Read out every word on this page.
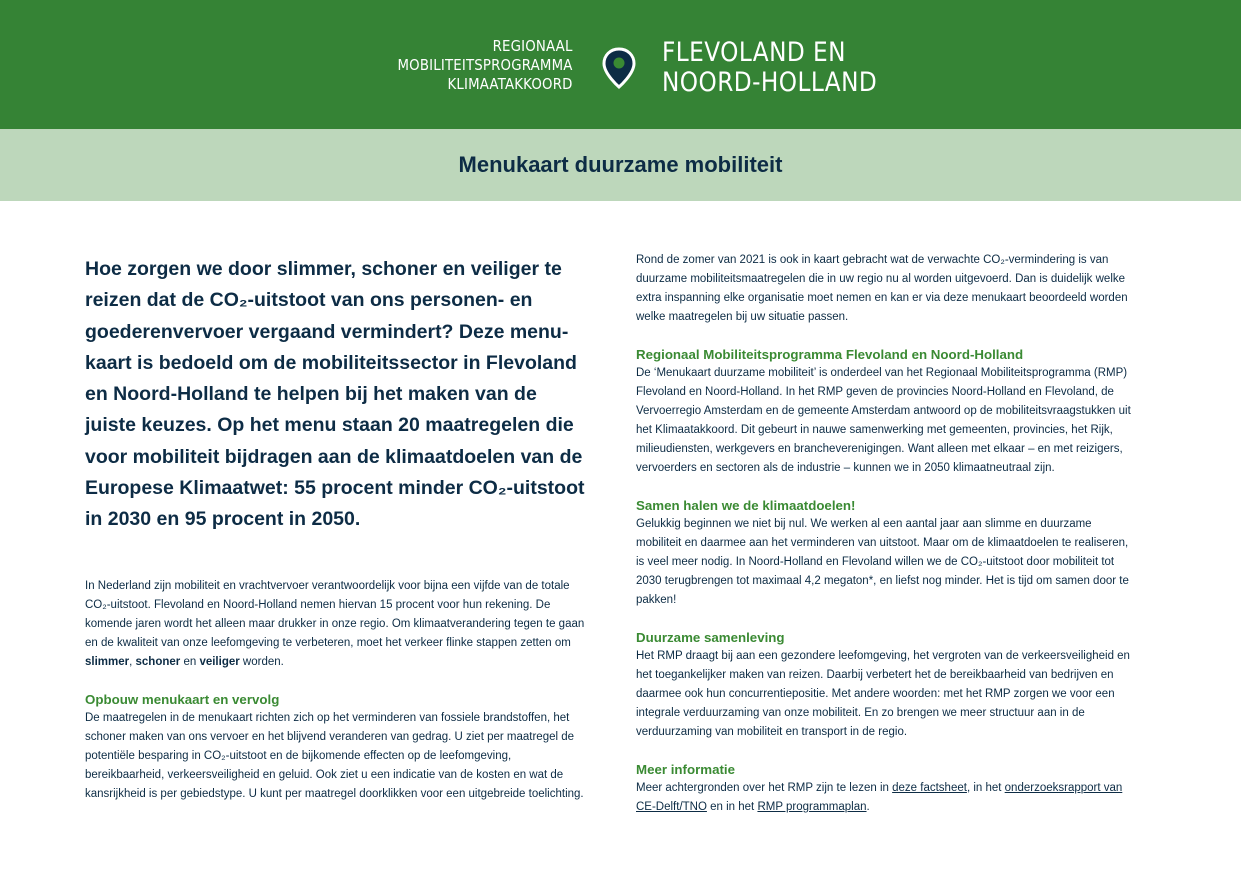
REGIONAAL
MOBILITEITSPROGRAMMA
KLIMAATAKKOORD
FLEVOLAND EN
NOORD-HOLLAND
Menukaart duurzame mobiliteit

Hoe zorgen we door slimmer, schoner en veiliger te reizen dat de CO₂-uitstoot van ons personen- en goederenvervoer vergaand vermindert? Deze menu-kaart is bedoeld om de mobiliteitssector in Flevoland en Noord-Holland te helpen bij het maken van de juiste keuzes. Op het menu staan 20 maatregelen die voor mobiliteit bijdragen aan de klimaatdoelen van de Europese Klimaatwet: 55 procent minder CO₂-uitstoot in 2030 en 95 procent in 2050.

In Nederland zijn mobiliteit en vrachtvervoer verantwoordelijk voor bijna een vijfde van de totale CO₂-uitstoot. Flevoland en Noord-Holland nemen hiervan 15 procent voor hun rekening. De komende jaren wordt het alleen maar drukker in onze regio. Om klimaatverandering tegen te gaan en de kwaliteit van onze leefomgeving te verbeteren, moet het verkeer flinke stappen zetten om slimmer, schoner en veiliger worden.

Opbouw menukaart en vervolg

De maatregelen in de menukaart richten zich op het verminderen van fossiele brandstoffen, het schoner maken van ons vervoer en het blijvend veranderen van gedrag. U ziet per maatregel de potentiële besparing in CO₂-uitstoot en de bijkomende effecten op de leefomgeving, bereikbaarheid, verkeersveiligheid en geluid. Ook ziet u een indicatie van de kosten en wat de kansrijkheid is per gebiedstype. U kunt per maatregel doorklikken voor een uitgebreide toelichting.

Rond de zomer van 2021 is ook in kaart gebracht wat de verwachte CO₂-vermindering is van duurzame mobiliteitsmaatregelen die in uw regio nu al worden uitgevoerd. Dan is duidelijk welke extra inspanning elke organisatie moet nemen en kan er via deze menukaart beoordeeld worden welke maatregelen bij uw situatie passen.

Regionaal Mobiliteitsprogramma Flevoland en Noord-Holland

De ‘Menukaart duurzame mobiliteit’ is onderdeel van het Regionaal Mobiliteitsprogramma (RMP) Flevoland en Noord-Holland. In het RMP geven de provincies Noord-Holland en Flevoland, de Vervoerregio Amsterdam en de gemeente Amsterdam antwoord op de mobiliteitsvraagstukken uit het Klimaatakkoord. Dit gebeurt in nauwe samenwerking met gemeenten, provincies, het Rijk, milieudiensten, werkgevers en brancheverenigingen. Want alleen met elkaar – en met reizigers, vervoerders en sectoren als de industrie – kunnen we in 2050 klimaatneutraal zijn.

Samen halen we de klimaatdoelen!

Gelukkig beginnen we niet bij nul. We werken al een aantal jaar aan slimme en duurzame mobiliteit en daarmee aan het verminderen van uitstoot. Maar om de klimaatdoelen te realiseren, is veel meer nodig. In Noord-Holland en Flevoland willen we de CO₂-uitstoot door mobiliteit tot 2030 terugbrengen tot maximaal 4,2 megaton*, en liefst nog minder. Het is tijd om samen door te pakken!

Duurzame samenleving

Het RMP draagt bij aan een gezondere leefomgeving, het vergroten van de verkeersveiligheid en het toegankelijker maken van reizen. Daarbij verbetert het de bereikbaarheid van bedrijven en daarmee ook hun concurrentiepositie. Met andere woorden: met het RMP zorgen we voor een integrale verduurzaming van onze mobiliteit. En zo brengen we meer structuur aan in de verduurzaming van mobiliteit en transport in de regio.

Meer informatie

Meer achtergronden over het RMP zijn te lezen in deze factsheet, in het onderzoeksrapport van CE-Delft/TNO en in het RMP programmaplan.
